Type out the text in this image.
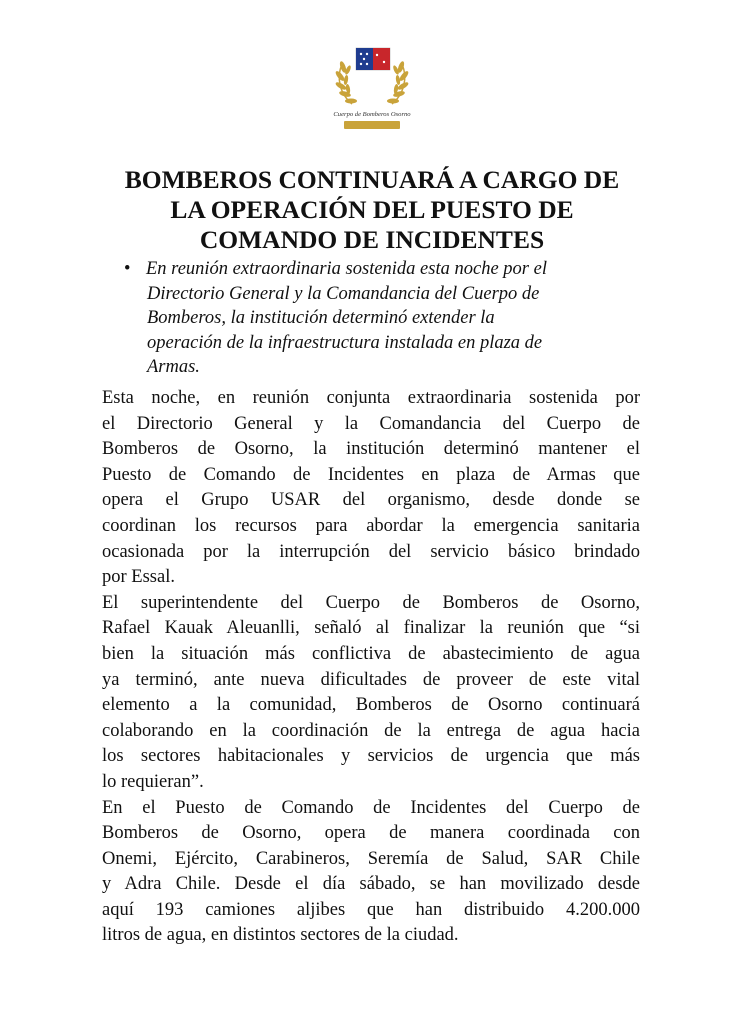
Cuerpo de Bomberos Osorno
BOMBEROS CONTINUARÁ A CARGO DE
LA OPERACIÓN DEL PUESTO DE
COMANDO DE INCIDENTES
• En reunión extraordinaria sostenida esta noche por el
Directorio General y la Comandancia del Cuerpo de
Bomberos, la institución determinó extender la
operación de la infraestructura instalada en plaza de
Armas.

Esta noche, en reunión conjunta extraordinaria sostenida por
el Directorio General y la Comandancia del Cuerpo de
Bomberos de Osorno, la institución determinó mantener el
Puesto de Comando de Incidentes en plaza de Armas que
opera el Grupo USAR del organismo, desde donde se
coordinan los recursos para abordar la emergencia sanitaria
ocasionada por la interrupción del servicio básico brindado
por Essal.

El superintendente del Cuerpo de Bomberos de Osorno,
Rafael Kauak Aleuanlli, señaló al finalizar la reunión que “si
bien la situación más conflictiva de abastecimiento de agua
ya terminó, ante nueva dificultades de proveer de este vital
elemento a la comunidad, Bomberos de Osorno continuará
colaborando en la coordinación de la entrega de agua hacia
los sectores habitacionales y servicios de urgencia que más
lo requieran”.

En el Puesto de Comando de Incidentes del Cuerpo de
Bomberos de Osorno, opera de manera coordinada con
Onemi, Ejército, Carabineros, Seremía de Salud, SAR Chile
y Adra Chile. Desde el día sábado, se han movilizado desde
aquí 193 camiones aljibes que han distribuido 4.200.000
litros de agua, en distintos sectores de la ciudad.
